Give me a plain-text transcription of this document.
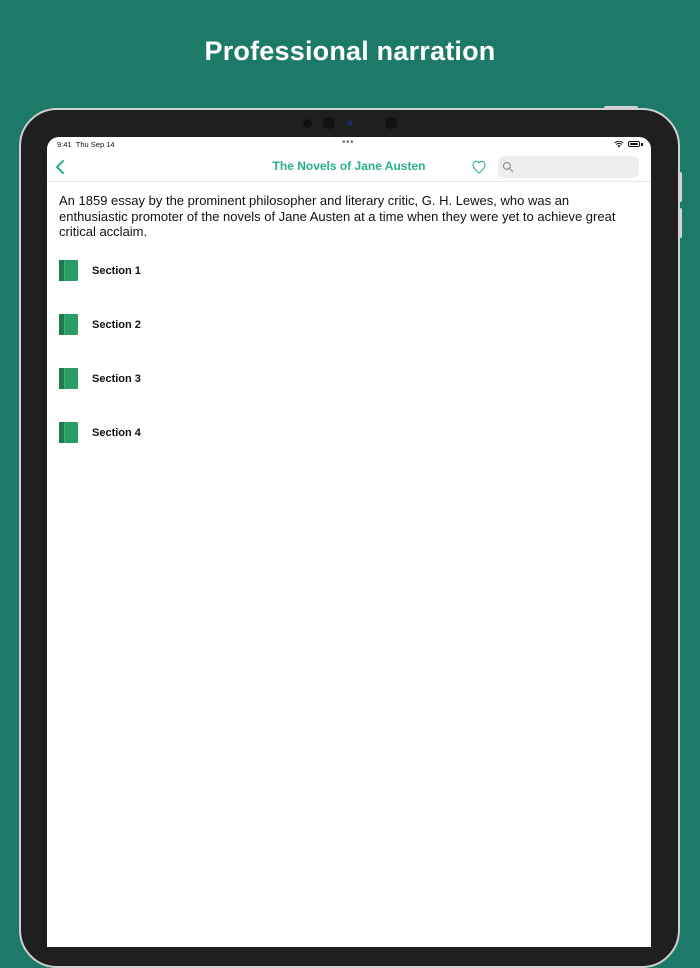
Professional narration
9:41 Thu Sep 14	•••
The Novels of Jane Austen

An 1859 essay by the prominent philosopher and literary critic, G. H. Lewes, who was an enthusiastic promoter of the novels of Jane Austen at a time when they were yet to achieve great critical acclaim.

Section 1
Section 2
Section 3
Section 4
